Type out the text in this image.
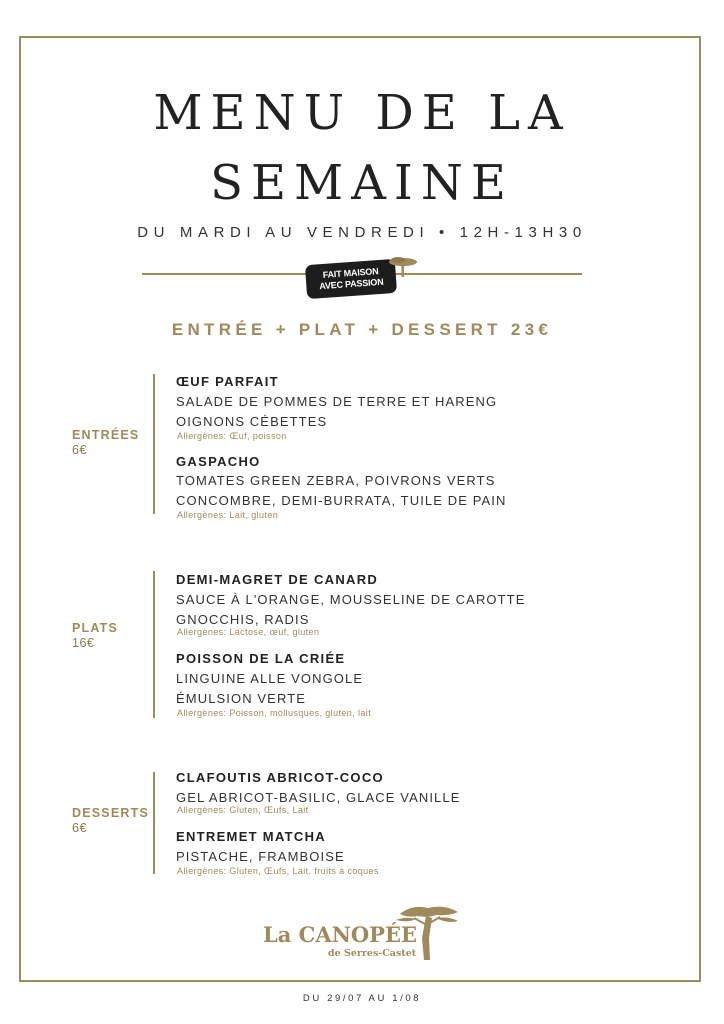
MENU DE LA
SEMAINE
DU MARDI AU VENDREDI • 12H-13H30
FAIT MAISON
AVEC PASSION
ENTRÉE + PLAT + DESSERT 23€
ENTRÉES
6€
ŒUF PARFAIT
SALADE DE POMMES DE TERRE ET HARENG
OIGNONS CÉBETTES
Allergènes: Œuf, poisson
GASPACHO
TOMATES GREEN ZEBRA, POIVRONS VERTS
CONCOMBRE, DEMI-BURRATA, TUILE DE PAIN
Allergènes: Lait, gluten
PLATS
16€
DEMI-MAGRET DE CANARD
SAUCE À L'ORANGE, MOUSSELINE DE CAROTTE
GNOCCHIS, RADIS
Allergènes: Lactose, œuf, gluten
POISSON DE LA CRIÉE
LINGUINE ALLE VONGOLE
ÉMULSION VERTE
Allergènes: Poisson, mollusques, gluten, lait
DESSERTS
6€
CLAFOUTIS ABRICOT-COCO
GEL ABRICOT-BASILIC, GLACE VANILLE
Allergènes: Gluten, Œufs, Lait
ENTREMET MATCHA
PISTACHE, FRAMBOISE
Allergènes: Gluten, Œufs, Lait, fruits à coques
La CANOPÉE
de Serres-Castet
DU 29/07 AU 1/08
